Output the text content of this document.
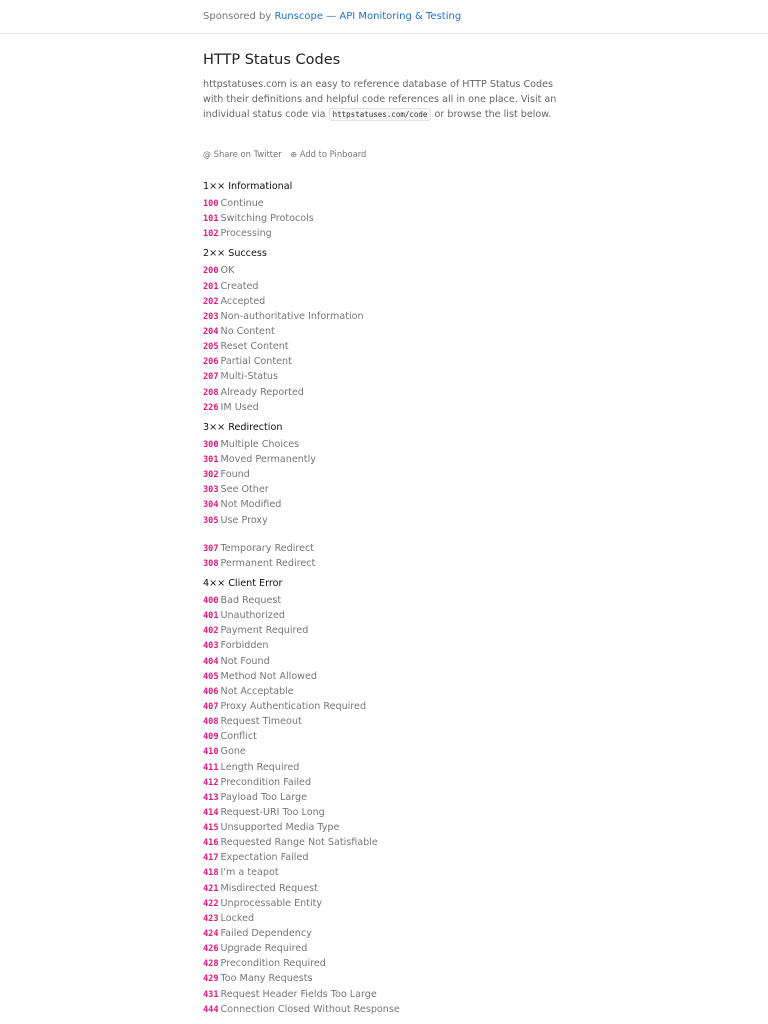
Sponsored by Runscope — API Monitoring & Testing
HTTP Status Codes

httpstatuses.com is an easy to reference database of HTTP Status Codes with their definitions and helpful code references all in one place. Visit an individual status code via httpstatuses.com/code or browse the list below.

@ Share on Twitter ⊕ Add to Pinboard
1×× Informational
100 Continue
101 Switching Protocols
102 Processing
2×× Success
200 OK
201 Created
202 Accepted
203 Non-authoritative Information
204 No Content
205 Reset Content
206 Partial Content
207 Multi-Status
208 Already Reported
226 IM Used
3×× Redirection
300 Multiple Choices
301 Moved Permanently
302 Found
303 See Other
304 Not Modified
305 Use Proxy
307 Temporary Redirect
308 Permanent Redirect
4×× Client Error
400 Bad Request
401 Unauthorized
402 Payment Required
403 Forbidden
404 Not Found
405 Method Not Allowed
406 Not Acceptable
407 Proxy Authentication Required
408 Request Timeout
409 Conflict
410 Gone
411 Length Required
412 Precondition Failed
413 Payload Too Large
414 Request-URI Too Long
415 Unsupported Media Type
416 Requested Range Not Satisfiable
417 Expectation Failed
418 I'm a teapot
421 Misdirected Request
422 Unprocessable Entity
423 Locked
424 Failed Dependency
426 Upgrade Required
428 Precondition Required
429 Too Many Requests
431 Request Header Fields Too Large
444 Connection Closed Without Response
